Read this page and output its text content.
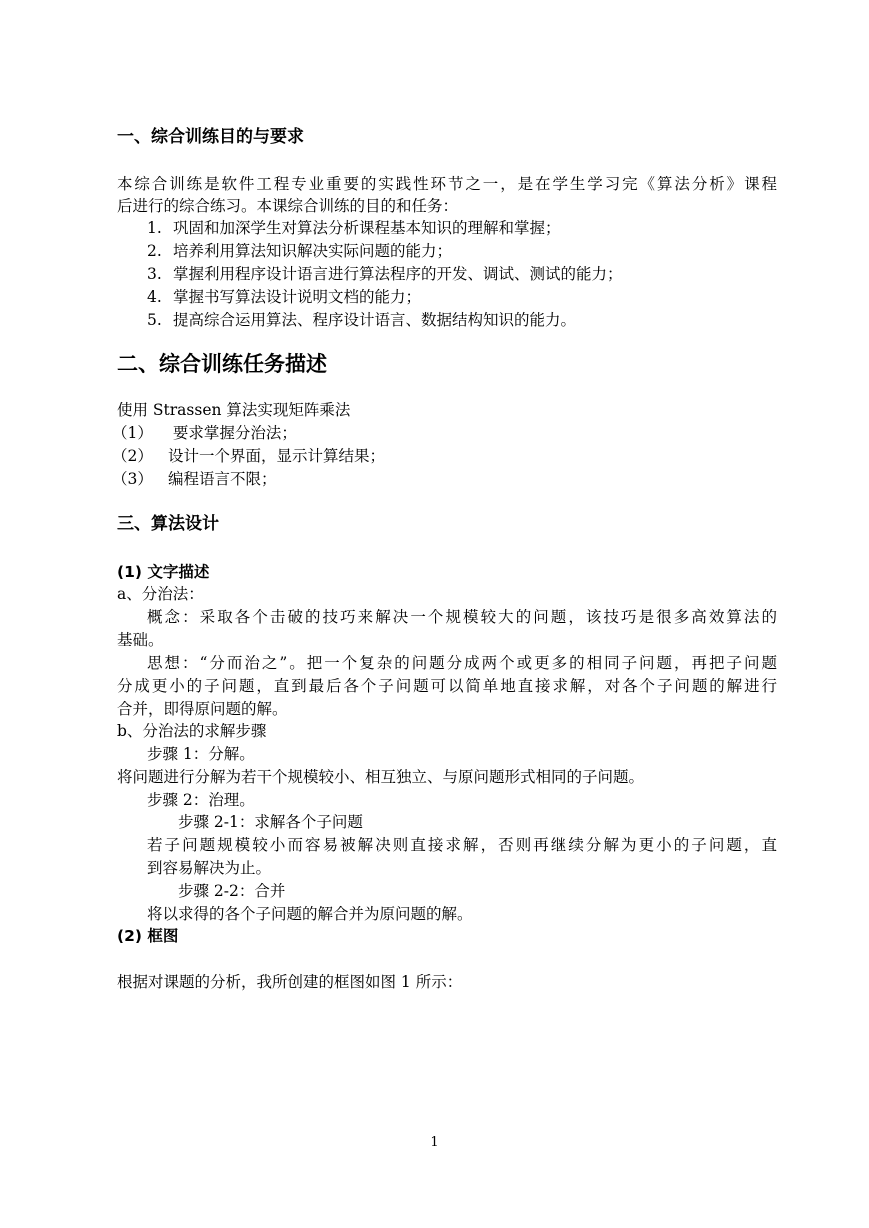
一、综合训练目的与要求
本综合训练是软件工程专业重要的实践性环节之一，是在学生学习完《算法分析》课程
后进行的综合练习。本课综合训练的目的和任务：
1. 巩固和加深学生对算法分析课程基本知识的理解和掌握；
2. 培养利用算法知识解决实际问题的能力；
3. 掌握利用程序设计语言进行算法程序的开发、调试、测试的能力；
4. 掌握书写算法设计说明文档的能力；
5. 提高综合运用算法、程序设计语言、数据结构知识的能力。
二、综合训练任务描述
使用 Strassen 算法实现矩阵乘法
（1） 要求掌握分治法；
（2） 设计一个界面，显示计算结果；
（3） 编程语言不限；
三、算法设计
(1) 文字描述
a、分治法：
概念：采取各个击破的技巧来解决一个规模较大的问题，该技巧是很多高效算法的
基础。
思想：“分而治之”。把一个复杂的问题分成两个或更多的相同子问题，再把子问题
分成更小的子问题，直到最后各个子问题可以简单地直接求解，对各个子问题的解进行
合并，即得原问题的解。
b、分治法的求解步骤
步骤 1：分解。
将问题进行分解为若干个规模较小、相互独立、与原问题形式相同的子问题。
步骤 2：治理。
步骤 2-1：求解各个子问题
若子问题规模较小而容易被解决则直接求解，否则再继续分解为更小的子问题，直
到容易解决为止。
步骤 2-2：合并
将以求得的各个子问题的解合并为原问题的解。
(2) 框图
根据对课题的分析，我所创建的框图如图 1 所示：
1
